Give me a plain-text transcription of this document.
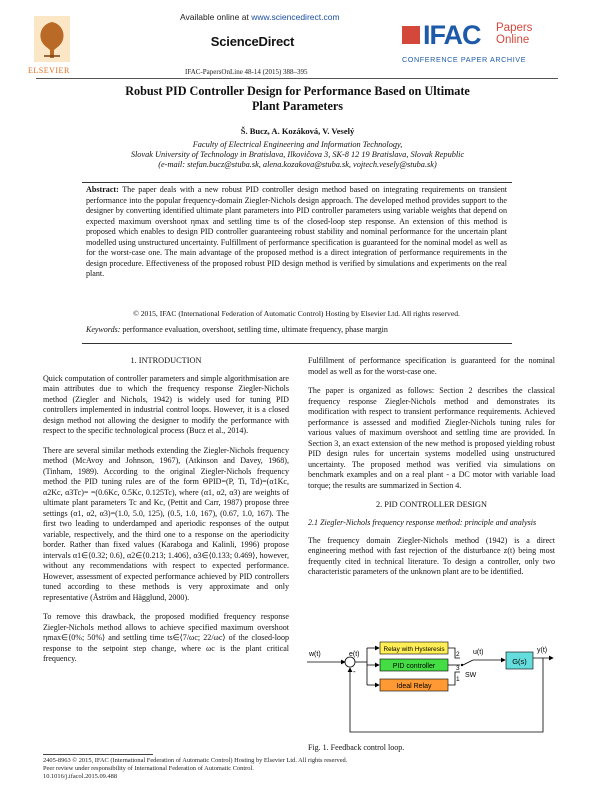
Available online at www.sciencedirect.com
ScienceDirect
ELSEVIER
IFAC Papers
Online
CONFERENCE PAPER ARCHIVE
IFAC-PapersOnLine 48-14 (2015) 388–395
Robust PID Controller Design for Performance Based on Ultimate
Plant Parameters
Š. Bucz, A. Kozáková, V. Veselý
Faculty of Electrical Engineering and Information Technology,
Slovak University of Technology in Bratislava, Ilkovičova 3, SK-8 12 19 Bratislava, Slovak Republic
(e-mail: stefan.bucz@stuba.sk, alena.kozakova@stuba.sk, vojtech.vesely@stuba.sk)
Abstract: The paper deals with a new robust PID controller design method based on integrating requirements on transient performance into the popular frequency-domain Ziegler-Nichols design approach. The developed method provides support to the designer by converting identified ultimate plant parameters into PID controller parameters using variable weights that depend on expected maximum overshoot ηmax and settling time ts of the closed-loop step response. An extension of this method is proposed which enables to design PID controller guaranteeing robust stability and nominal performance for the uncertain plant modelled using unstructured uncertainty. Fulfillment of performance specification is guaranteed for the nominal model as well as for the worst-case one. The main advantage of the proposed method is a direct integration of performance requirements in the design procedure. Effectiveness of the proposed robust PID design method is verified by simulations and experiments on the real plant.
© 2015, IFAC (International Federation of Automatic Control) Hosting by Elsevier Ltd. All rights reserved.
Keywords: performance evaluation, overshoot, settling time, ultimate frequency, phase margin
1. INTRODUCTION

Quick computation of controller parameters and simple algorithmisation are main attributes due to which the frequency response Ziegler-Nichols method (Ziegler and Nichols, 1942) is widely used for tuning PID controllers implemented in industrial control loops. However, it is a closed design method not allowing the designer to modify the performance with respect to the specific technological process (Bucz et al., 2014).

There are several similar methods extending the Ziegler-Nichols frequency method (McAvoy and Johnson, 1967), (Atkinson and Davey, 1968), (Tinham, 1989). According to the original Ziegler-Nichols frequency method the PID tuning rules are of the form ΘPID=(P, Ti, Td)=(α1Kc, α2Kc, α3Tc)= =(0.6Kc, 0.5Kc, 0.125Tc), where (α1, α2, α3) are weights of ultimate plant parameters Tc and Kc, (Pettit and Carr, 1987) propose three settings (α1, α2, α3)=(1.0, 5.0, 125), (0.5, 1.0, 167), (0.67, 1.0, 167). The first two leading to underdamped and aperiodic responses of the output variable, respectively, and the third one to a response on the aperiodicity border. Rather than fixed values (Karaboga and Kalinli, 1996) propose intervals α1∈⟨0.32; 0.6⟩, α2∈⟨0.213; 1.406⟩, α3∈⟨0.133; 0.469⟩, however, without any recommendations with respect to expected performance. However, assessment of expected performance achieved by PID controllers tuned according to these methods is very approximate and only representative (Åström and Hägglund, 2000).

To remove this drawback, the proposed modified frequency response Ziegler-Nichols method allows to achieve specified maximum overshoot ηmax∈⟨0%; 50%⟩ and settling time ts∈⟨7/ωc; 22/ωc⟩ of the closed-loop response to the setpoint step change, where ωc is the plant critical frequency.

Fulfillment of performance specification is guaranteed for the nominal model as well as for the worst-case one.

The paper is organized as follows: Section 2 describes the classical frequency response Ziegler-Nichols method and demonstrates its modification with respect to transient performance requirements. Achieved performance is assessed and modified Ziegler-Nichols tuning rules for various values of maximum overshoot and settling time are provided. In Section 3, an exact extension of the new method is proposed yielding robust PID design rules for uncertain systems modelled using unstructured uncertainty. The proposed method was verified via simulations on benchmark examples and on a real plant - a DC motor with variable load torque; the results are summarized in Section 4.

2. PID CONTROLLER DESIGN
2.1 Ziegler-Nichols frequency response method: principle and analysis

The frequency domain Ziegler-Nichols method (1942) is a direct engineering method with fast rejection of the disturbance z(t) being most frequently cited in technical literature. To design a controller, only two characteristic parameters of the unknown plant are to be identified.

w(t)
-
e(t)
Relay with Hysteresis
PID controller
Ideal Relay
2
3
1
SW
u(t)
G(s)
y(t)
Fig. 1. Feedback control loop.
2405-8963 © 2015, IFAC (International Federation of Automatic Control) Hosting by Elsevier Ltd. All rights reserved.
Peer review under responsibility of International Federation of Automatic Control.
10.1016/j.ifacol.2015.09.488
